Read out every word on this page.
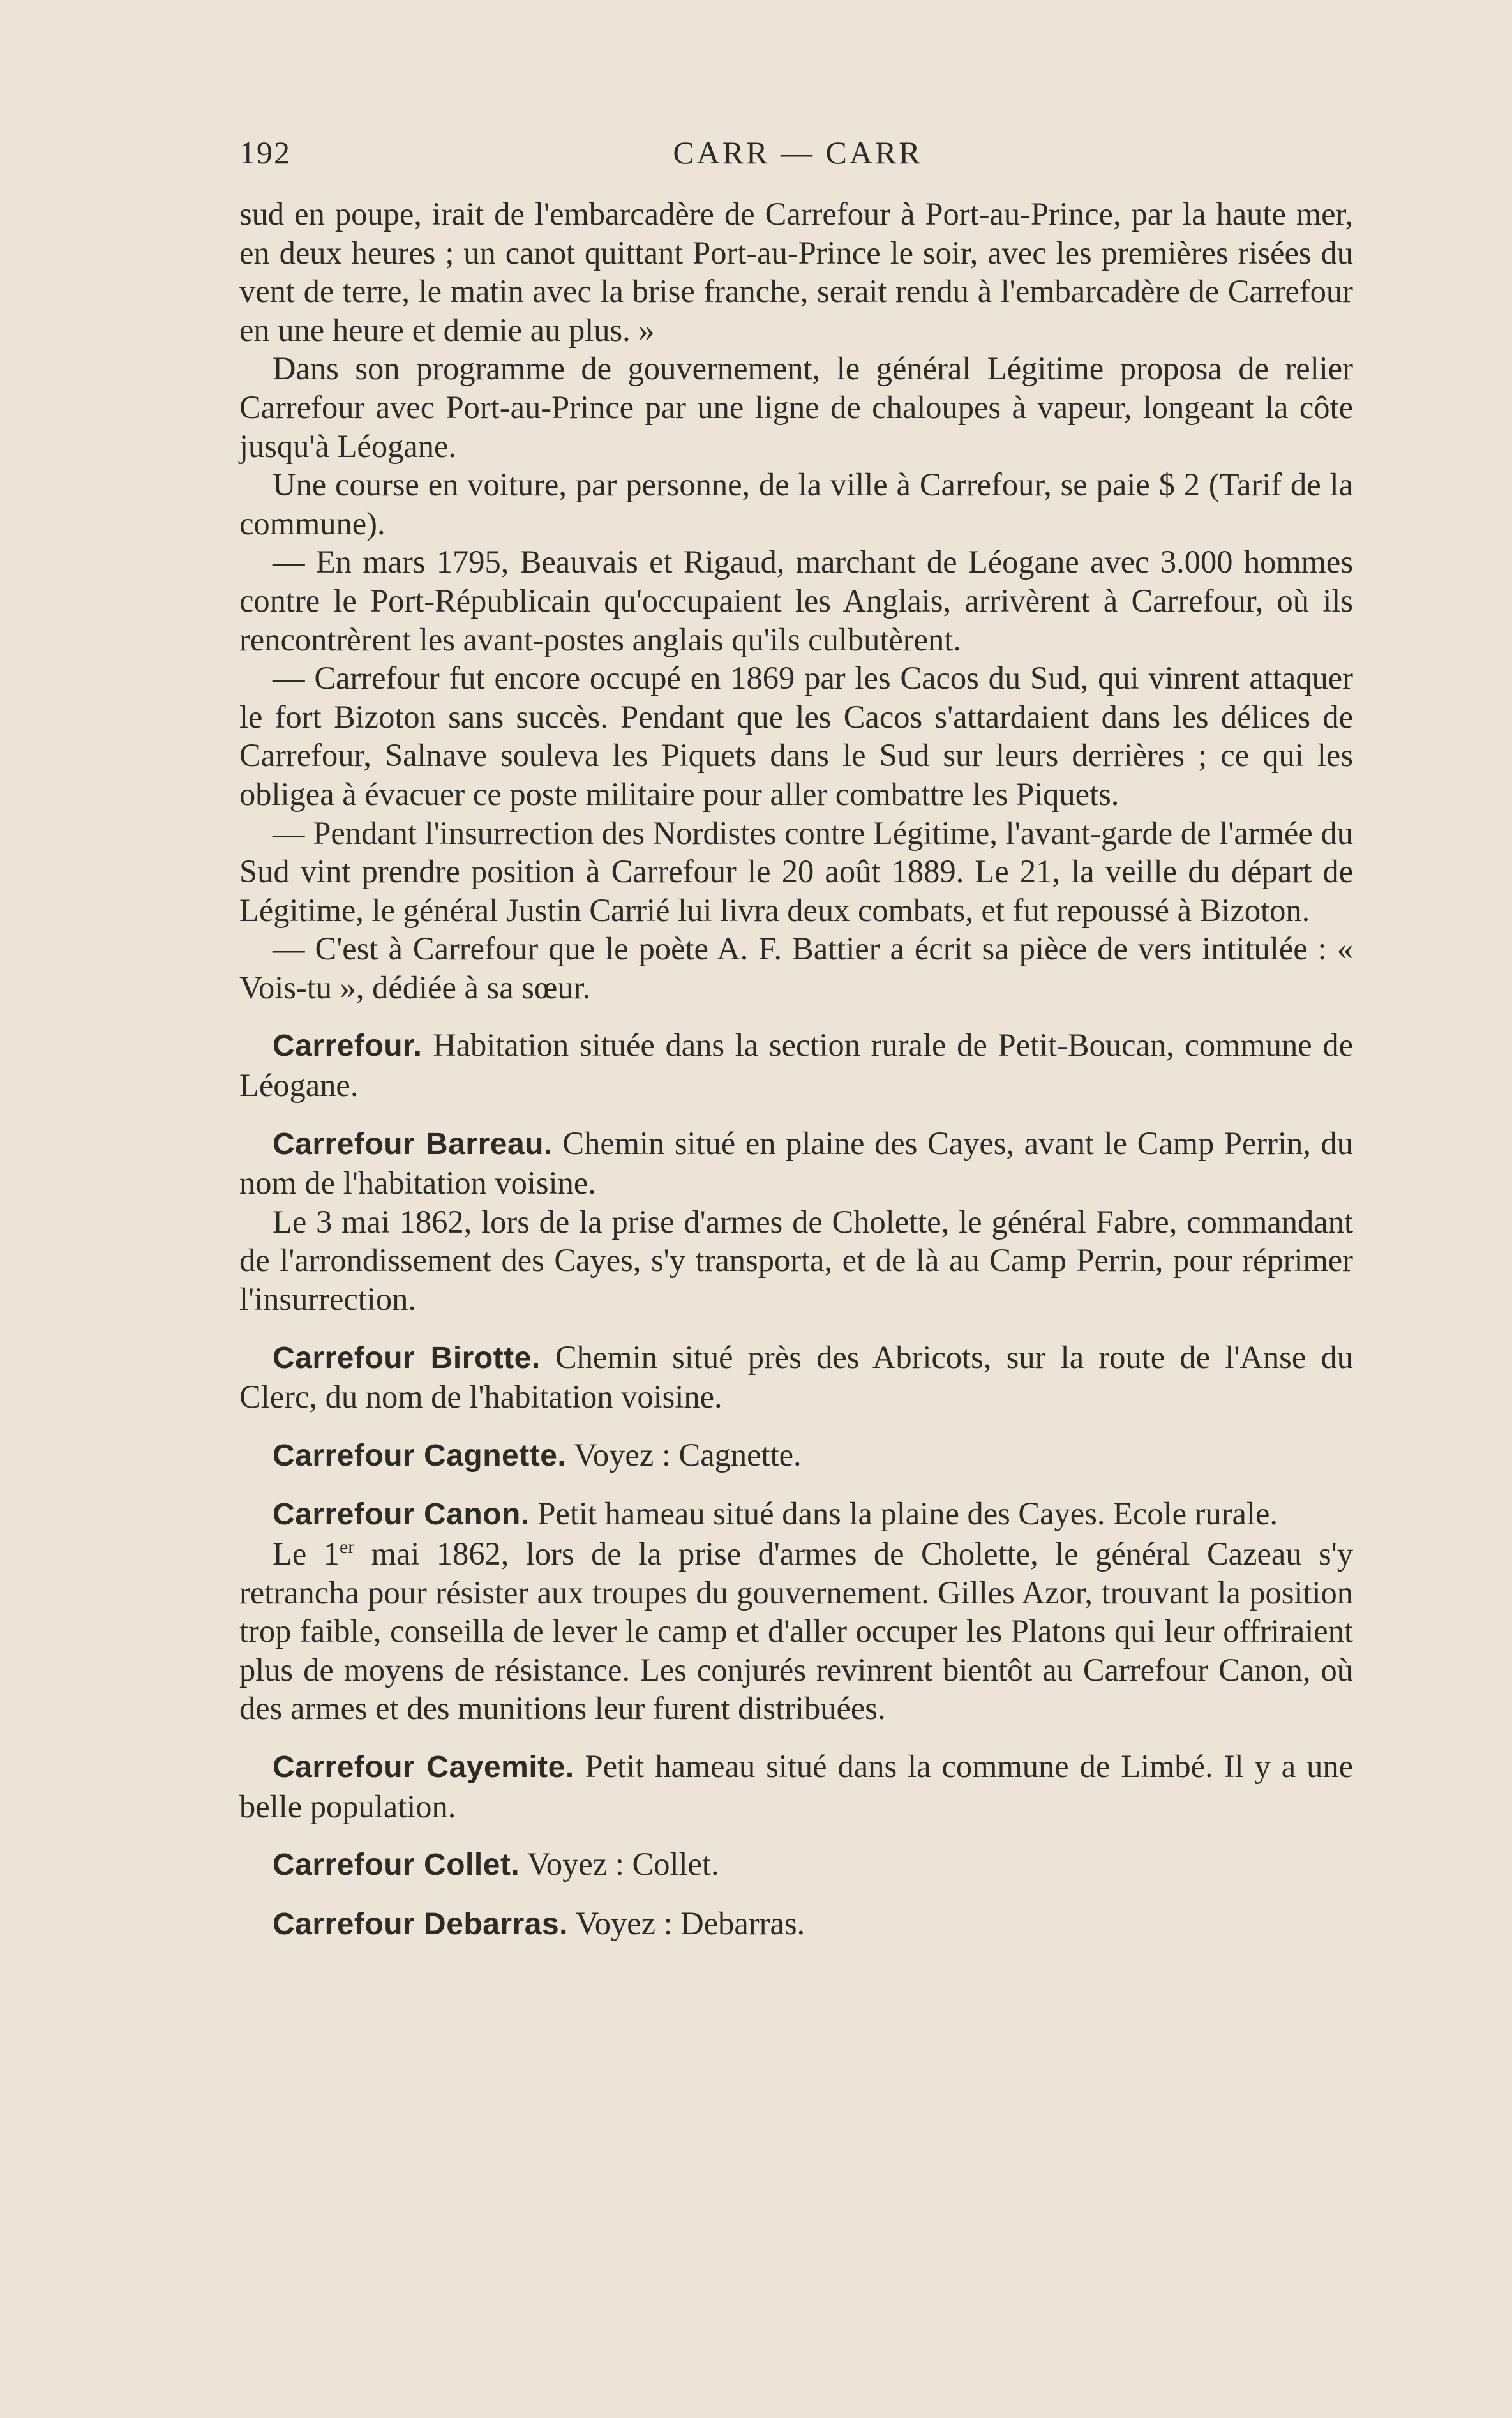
192	CARR — CARR

sud en poupe, irait de l'embarcadère de Carrefour à Port-au-Prince, par la haute mer, en deux heures ; un canot quittant Port-au-Prince le soir, avec les premières risées du vent de terre, le matin avec la brise franche, serait rendu à l'embarcadère de Carrefour en une heure et demie au plus. »

Dans son programme de gouvernement, le général Légitime proposa de relier Carrefour avec Port-au-Prince par une ligne de chaloupes à vapeur, longeant la côte jusqu'à Léogane.

Une course en voiture, par personne, de la ville à Carrefour, se paie $ 2 (Tarif de la commune).

— En mars 1795, Beauvais et Rigaud, marchant de Léogane avec 3.000 hommes contre le Port-Républicain qu'occupaient les Anglais, arrivèrent à Carrefour, où ils rencontrèrent les avant-postes anglais qu'ils culbutèrent.

— Carrefour fut encore occupé en 1869 par les Cacos du Sud, qui vinrent attaquer le fort Bizoton sans succès. Pendant que les Cacos s'attardaient dans les délices de Carrefour, Salnave souleva les Piquets dans le Sud sur leurs derrières ; ce qui les obligea à évacuer ce poste militaire pour aller combattre les Piquets.

— Pendant l'insurrection des Nordistes contre Légitime, l'avant-garde de l'armée du Sud vint prendre position à Carrefour le 20 août 1889. Le 21, la veille du départ de Légitime, le général Justin Carrié lui livra deux combats, et fut repoussé à Bizoton.

— C'est à Carrefour que le poète A. F. Battier a écrit sa pièce de vers intitulée : « Vois-tu », dédiée à sa sœur.

Carrefour. Habitation située dans la section rurale de Petit-Boucan, commune de Léogane.

Carrefour Barreau. Chemin situé en plaine des Cayes, avant le Camp Perrin, du nom de l'habitation voisine.

Le 3 mai 1862, lors de la prise d'armes de Cholette, le général Fabre, commandant de l'arrondissement des Cayes, s'y transporta, et de là au Camp Perrin, pour réprimer l'insurrection.

Carrefour Birotte. Chemin situé près des Abricots, sur la route de l'Anse du Clerc, du nom de l'habitation voisine.

Carrefour Cagnette. Voyez : Cagnette.

Carrefour Canon. Petit hameau situé dans la plaine des Cayes. Ecole rurale.

Le 1er mai 1862, lors de la prise d'armes de Cholette, le général Cazeau s'y retrancha pour résister aux troupes du gouvernement. Gilles Azor, trouvant la position trop faible, conseilla de lever le camp et d'aller occuper les Platons qui leur offriraient plus de moyens de résistance. Les conjurés revinrent bientôt au Carrefour Canon, où des armes et des munitions leur furent distribuées.

Carrefour Cayemite. Petit hameau situé dans la commune de Limbé. Il y a une belle population.

Carrefour Collet. Voyez : Collet.

Carrefour Debarras. Voyez : Debarras.
